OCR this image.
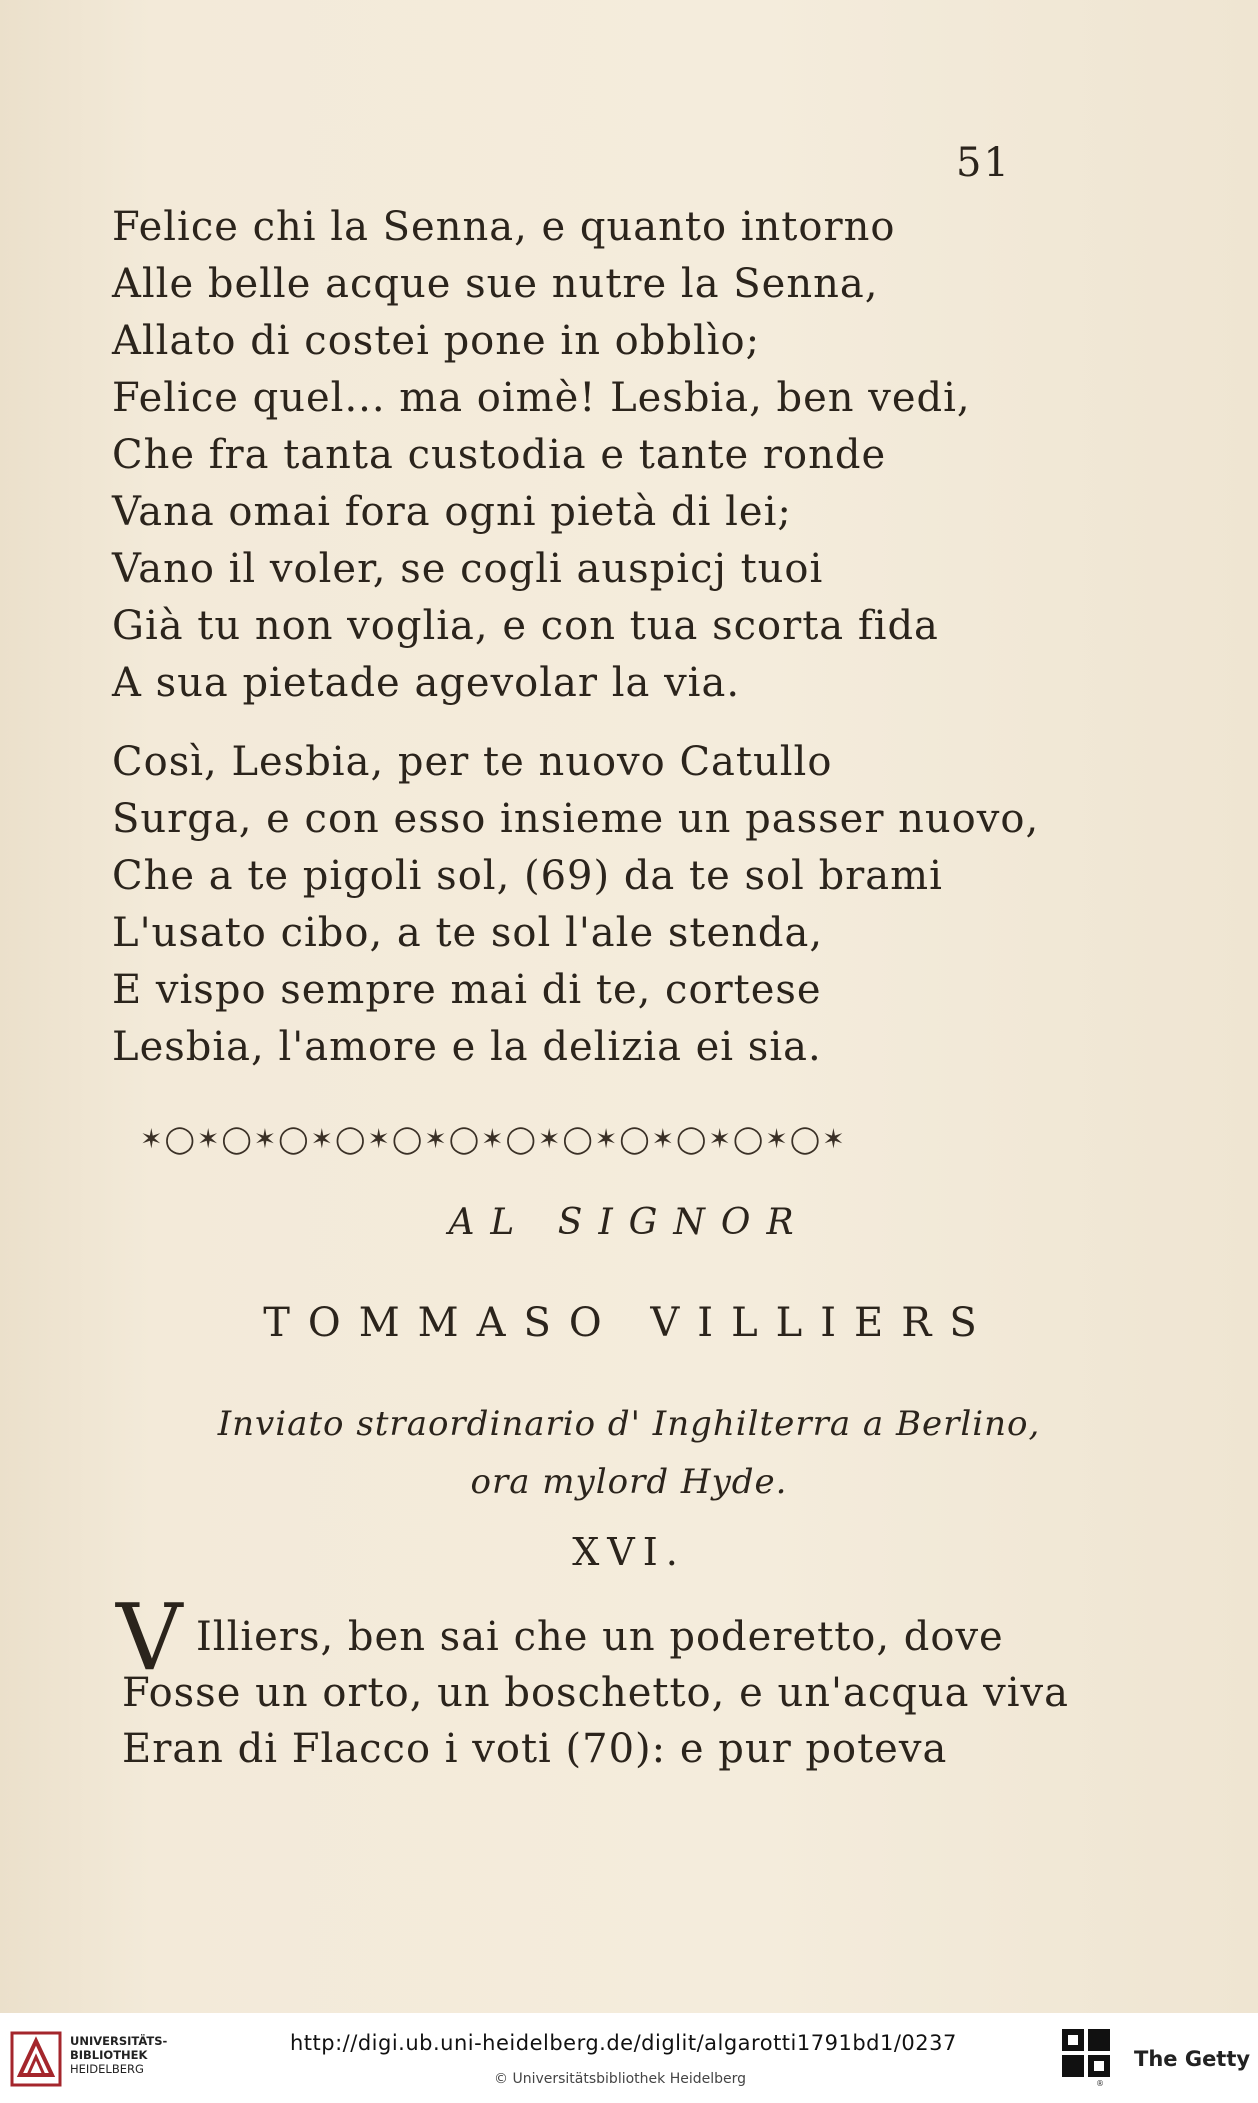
51
Felice chi la Senna, e quanto intorno
Alle belle acque sue nutre la Senna,
Allato di costei pone in obblìo;
Felice quel... ma oimè! Lesbia, ben vedi,
Che fra tanta custodia e tante ronde
Vana omai fora ogni pietà di lei;
Vano il voler, se cogli auspicj tuoi
Già tu non voglia, e con tua scorta fida
A sua pietade agevolar la via.
Così, Lesbia, per te nuovo Catullo
Surga, e con esso insieme un passer nuovo,
Che a te pigoli sol, (69) da te sol brami
L'usato cibo, a te sol l'ale stenda,
E vispo sempre mai di te, cortese
Lesbia, l'amore e la delizia ei sia.
✶◯✶◯✶◯✶◯✶◯✶◯✶◯✶◯✶◯✶◯✶◯✶◯✶
AL SIGNOR
TOMMASO VILLIERS
Inviato straordinario d' Inghilterra a Berlino,
ora mylord Hyde.
XVI.
V Illiers, ben sai che un poderetto, dove
Fosse un orto, un boschetto, e un'acqua viva
Eran di Flacco i voti (70): e pur poteva
UNIVERSITÄTS-
BIBLIOTHEK
HEIDELBERG
http://digi.ub.uni-heidelberg.de/diglit/algarotti1791bd1/0237
© Universitätsbibliothek Heidelberg	®
The Getty
